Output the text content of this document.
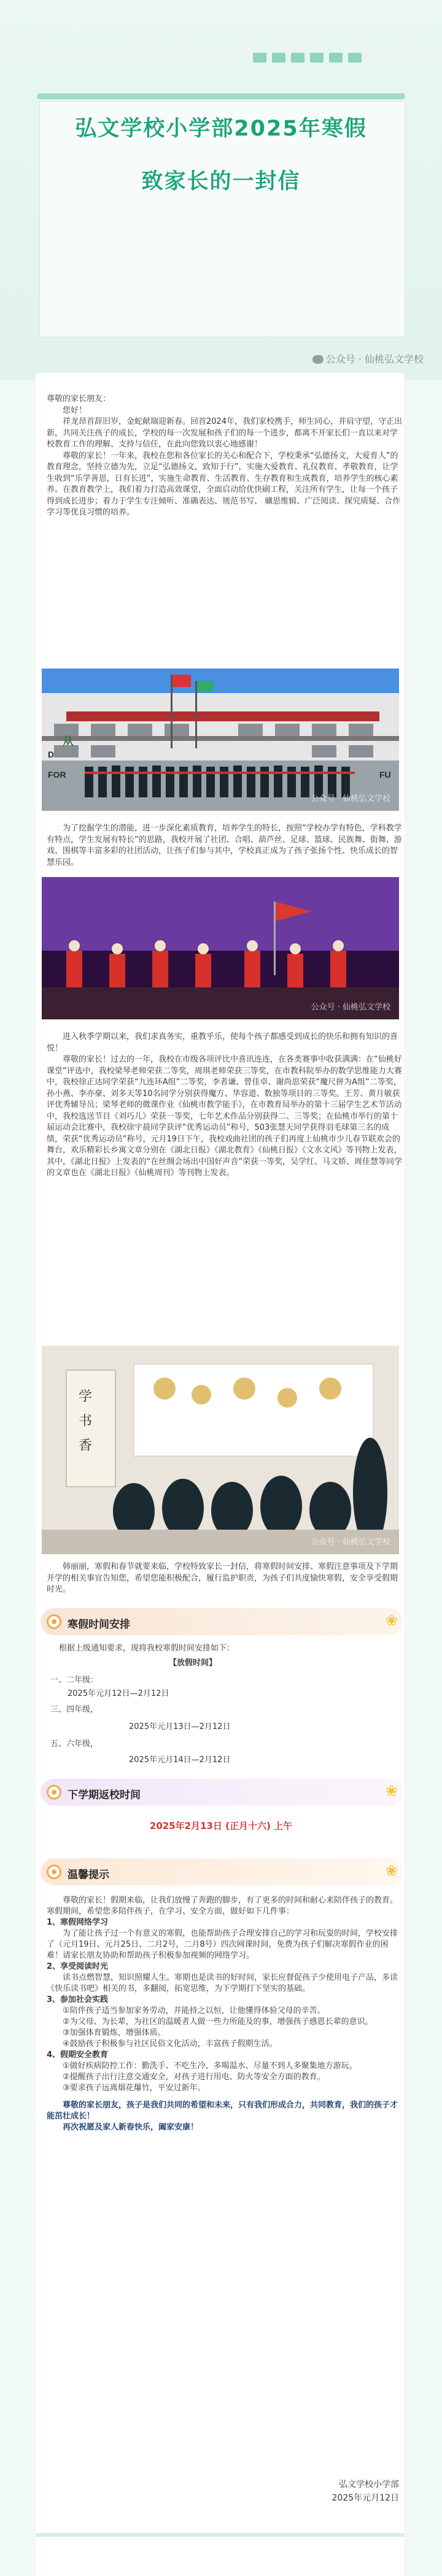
弘文学校小学部2025年寒假
致家长的一封信
公众号 · 仙桃弘文学校

尊敬的家长朋友：

您好！

祥龙昂首辞旧岁，金蛇献瑞迎新春。回首2024年，我们家校携手，师生同心，并肩守望，守正出新，共同关注孩子的成长，学校的每一次发展和孩子们的每一个进步，都离不开家长们一直以来对学校教育工作的理解、支持与信任，在此向您致以衷心地感谢！

尊敬的家长！一年来，我校在您和各位家长的关心和配合下，学校秉承“弘德扬文，大爱育人”的教育理念，坚持立德为先，立足“弘德扬文，致知于行”，实施大爱教育、礼仪教育、孝敬教育，让学生收到“乐学善思，日有长进”，实施生命教育、生活教育、生存教育和生成教育，培养学生的核心素养。在教育教学上，我们着力打造高效课堂，全面启动给优快刷工程，关注所有学生，让每一个孩子得到成长进步；着力于学生专注倾听、准确表达、规范书写、 礦思维辑、广泛阅读、探究质疑、合作学习等优良习惯的培养。

D
FOR	FU
从
公众号 · 仙桃弘文学校

为了挖掘学生的潜能，进一步深化素质教育，培养学生的特长，按照“学校办学有特色，学科教学有特点，学生发展有特长”的思路，我校开展了社团、合唱、葫芦丝、足球、篮球、民族舞、街舞、游戏、围棋等丰富多彩的社团活动，让孩子们参与其中，学校真正成为了孩子张扬个性、快乐成长的智慧乐园。

公众号 · 仙桃弘文学校

进入秋季学期以来，我们求真务实，重教乎乐，使每个孩子都感受到成长的快乐和拥有知识的喜悦！

尊敬的家长！过去的一年，我校在市级各项评比中喜讯连连，在各类赛事中收获满满：在“仙桃好课堂”评选中，我校梁琴老师荣获二等奖，周琪老师荣获三等奖，在市教科院举办的数学思维能力大赛中，我校徐正达同学荣获“九连环A组”二等奖，李者谦、曾佳卓、谢尚思荣获“魔尺拼为A组”二等奖，孙小燕、李亦豪、刘多天等10名同学分别获得魔方、华容道、数独等项目的三等奖。王芳、黄月敏获评优秀辅导员；梁琴老师的微课作业《仙桃市教学能手》，在市教育局举办的第十三届学生艺术节活动中，我校选送节目《刘巧儿》荣获一等奖，七年艺术作品分别获得二、三等奖；在仙桃市举行的第十届运动会比赛中，我校徐宇晨同学获评“优秀运动员”称号，503张慧天同学获得羽毛球第三名的成绩，荣获“优秀运动员”称号，元月19日下午，我校戏曲社团的孩子们再度上仙桃市少儿春节联欢会的舞台，欢乐精彩长乡寓文章分别在《湖北日报》《湖北教育》《仙桃日报》《文水文风》等刊物上发表，其中，《湖北日报》上发表的“在丝绸会场出中国好声音”荣获一等奖，吴学红、马文娇、周佳慧等同学的文章也在《湖北日报》《仙桃周刊》等刊物上发表。

学
书
香
公众号 · 仙桃弘文学校

韩丽丽，寒假和春节就要来临，学校特致家长一封信，将寒假时间安排、寒假注意事项及下学期开学的相关事宜告知您，希望您能积极配合，履行监护职责，为孩子们共度愉快寒假，安全享受假期时光。

寒假时间安排	❀
根据上级通知要求，现将我校寒假时间安排如下：
【放假时间】
一、二年级：
2025年元月12日—2月12日
三、四年级，
2025年元月13日—2月12日
五、六年级，
2025年元月14日—2月12日
下学期返校时间	❀
2025年2月13日 (正月十六) 上午
温馨提示	❀

尊敬的家长！假期来临，让我们放慢了奔跑的脚步，有了更多的时间和耐心来陪伴孩子的教育。寒假期间，希望您多陪伴孩子，在学习、安全方面，做好如下几件事：

1、寒假网络学习

为了能让孩子过一个有意义的寒假，也能帮助孩子合理安排自己的学习和玩耍的时间，学校安排了（元月19日、元月25日、二月2号，二月8号）四次网课时间，免费为孩子们解决寒假作业的困难！请家长朋友协助和帮助孩子积极参加视频的网络学习。

2、享受阅读时光

读书点燃智慧，知识照耀人生。寒期也是读书的好时间，家长应督促孩子少使用电子产品，多读《快乐读书吧》相关的书，多翻阅，拓宽思维，为下学期打下坚实的基础。

3、参加社会实践

①陪伴孩子适当参加家务劳动，并能持之以恒，让他懂得体验父母的辛苦。

②为父母、为长辈，为社区的温暖者人做一些力所能及的事，增强孩子感恩长辈的意识。

③加强体育锻炼，增强体质。

④鼓励孩子积极参与社区民俗文化活动，丰富孩子假期生活。

4、假期安全教育

①做好疾病防控工作：勤洗手、不吃生冷、多喝温水、尽量不到人多聚集地方游玩。

②提醒孩子出行注意交通安全，对孩子进行用电、防火等安全方面的教育。

③要求孩子远离烟花爆竹，平安过新年。

尊敬的家长朋友，孩子是我们共同的希望和未来，只有我们形成合力，共同教育，我们的孩子才能茁壮成长！

再次祝愿及家人新春快乐，阖家安康！

弘文学校小学部
2025年元月12日
